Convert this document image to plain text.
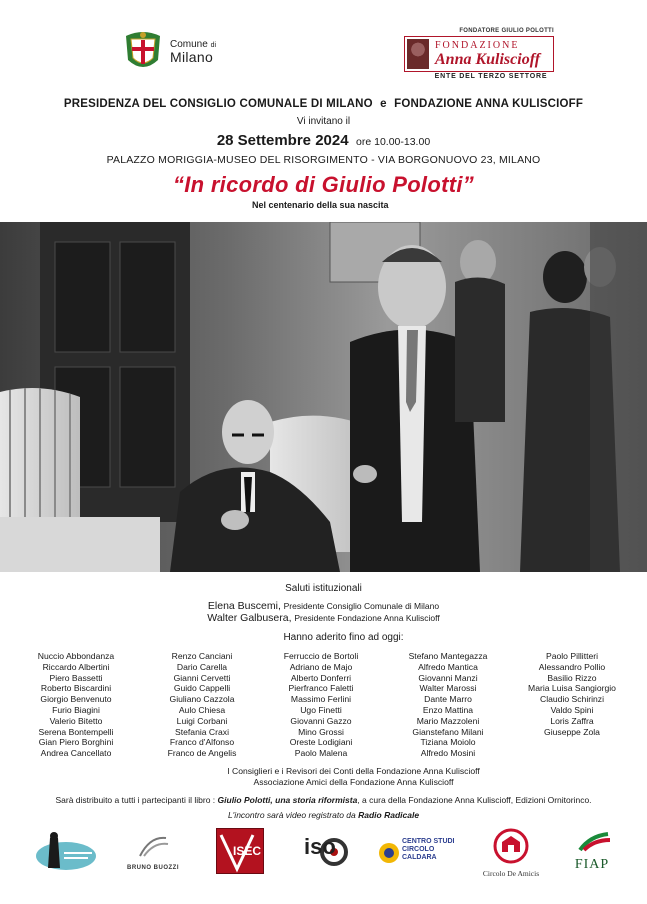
Comune di
Milano
FONDATORE GIULIO POLOTTI
FONDAZIONE
Anna Kuliscioff
ENTE DEL TERZO SETTORE
PRESIDENZA DEL CONSIGLIO COMUNALE DI MILANO e FONDAZIONE ANNA KULISCIOFF
Vi invitano il
28 Settembre 2024 ore 10.00-13.00
PALAZZO MORIGGIA-MUSEO DEL RISORGIMENTO - VIA BORGONUOVO 23, MILANO
“In ricordo di Giulio Polotti”
Nel centenario della sua nascita
Saluti istituzionali
Elena Buscemi, Presidente Consiglio Comunale di Milano
Walter Galbusera, Presidente Fondazione Anna Kuliscioff
Hanno aderito fino ad oggi:
Nuccio Abbondanza
Riccardo Albertini
Piero Bassetti
Roberto Biscardini
Giorgio Benvenuto
Furio Biagini
Valerio Bitetto
Serena Bontempelli
Gian Piero Borghini
Andrea Cancellato
Renzo Canciani
Dario Carella
Gianni Cervetti
Guido Cappelli
Giuliano Cazzola
Aulo Chiesa
Luigi Corbani
Stefania Craxi
Franco d'Alfonso
Franco de Angelis
Ferruccio de Bortoli
Adriano de Majo
Alberto Donferri
Pierfranco Faletti
Massimo Ferlini
Ugo Finetti
Giovanni Gazzo
Mino Grossi
Oreste Lodigiani
Paolo Malena
Stefano Mantegazza
Alfredo Mantica
Giovanni Manzi
Walter Marossi
Dante Marro
Enzo Mattina
Mario Mazzoleni
Gianstefano Milani
Tiziana Moiolo
Alfredo Mosini
Paolo Pillitteri
Alessandro Pollio
Basilio Rizzo
Maria Luisa Sangiorgio
Claudio Schirinzi
Valdo Spini
Loris Zaffra
Giuseppe Zola
I Consiglieri e i Revisori dei Conti della Fondazione Anna Kuliscioff
Associazione Amici della Fondazione Anna Kuliscioff
Sarà distribuito a tutti i partecipanti il libro : Giulio Polotti, una storia riformista, a cura della Fondazione Anna Kuliscioff, Edizioni Ornitorinco.
L'incontro sarà video registrato da Radio Radicale
BRUNO BUOZZI
ISEC iso	CENTRO STUDI
CIRCOLO
CALDARA
Circolo De Amicis
FIAP
